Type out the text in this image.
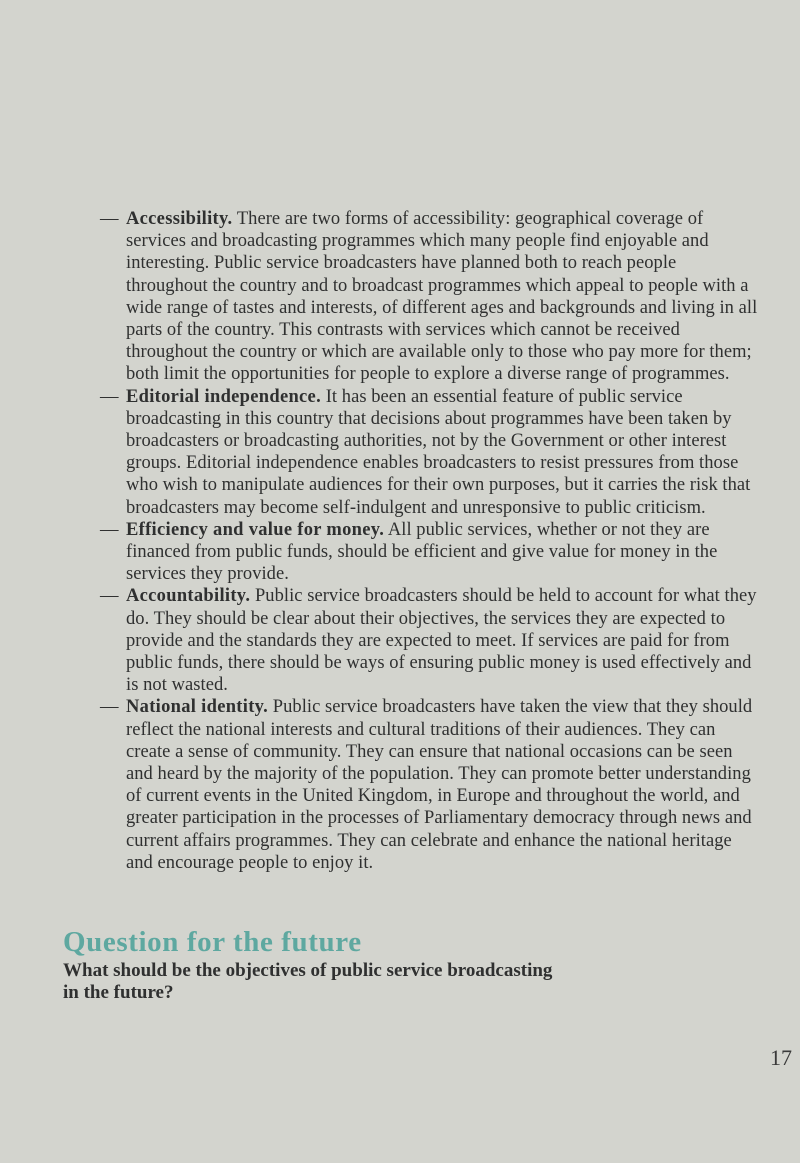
— Accessibility. There are two forms of accessibility: geographical coverage of services and broadcasting programmes which many people find enjoyable and interesting. Public service broadcasters have planned both to reach people throughout the country and to broadcast programmes which appeal to people with a wide range of tastes and interests, of different ages and backgrounds and living in all parts of the country. This contrasts with services which cannot be received throughout the country or which are available only to those who pay more for them; both limit the opportunities for people to explore a diverse range of programmes.
— Editorial independence. It has been an essential feature of public service broadcasting in this country that decisions about programmes have been taken by broadcasters or broadcasting authorities, not by the Government or other interest groups. Editorial independence enables broadcasters to resist pressures from those who wish to manipulate audiences for their own purposes, but it carries the risk that broadcasters may become self-indulgent and unresponsive to public criticism.
— Efficiency and value for money. All public services, whether or not they are financed from public funds, should be efficient and give value for money in the services they provide.
— Accountability. Public service broadcasters should be held to account for what they do. They should be clear about their objectives, the services they are expected to provide and the standards they are expected to meet. If services are paid for from public funds, there should be ways of ensuring public money is used effectively and is not wasted.
— National identity. Public service broadcasters have taken the view that they should reflect the national interests and cultural traditions of their audiences. They can create a sense of community. They can ensure that national occasions can be seen and heard by the majority of the population. They can promote better understanding of current events in the United Kingdom, in Europe and throughout the world, and greater participation in the processes of Parliamentary democracy through news and current affairs programmes. They can celebrate and enhance the national heritage and encourage people to enjoy it.
Question for the future

What should be the objectives of public service broadcasting in the future?

17
